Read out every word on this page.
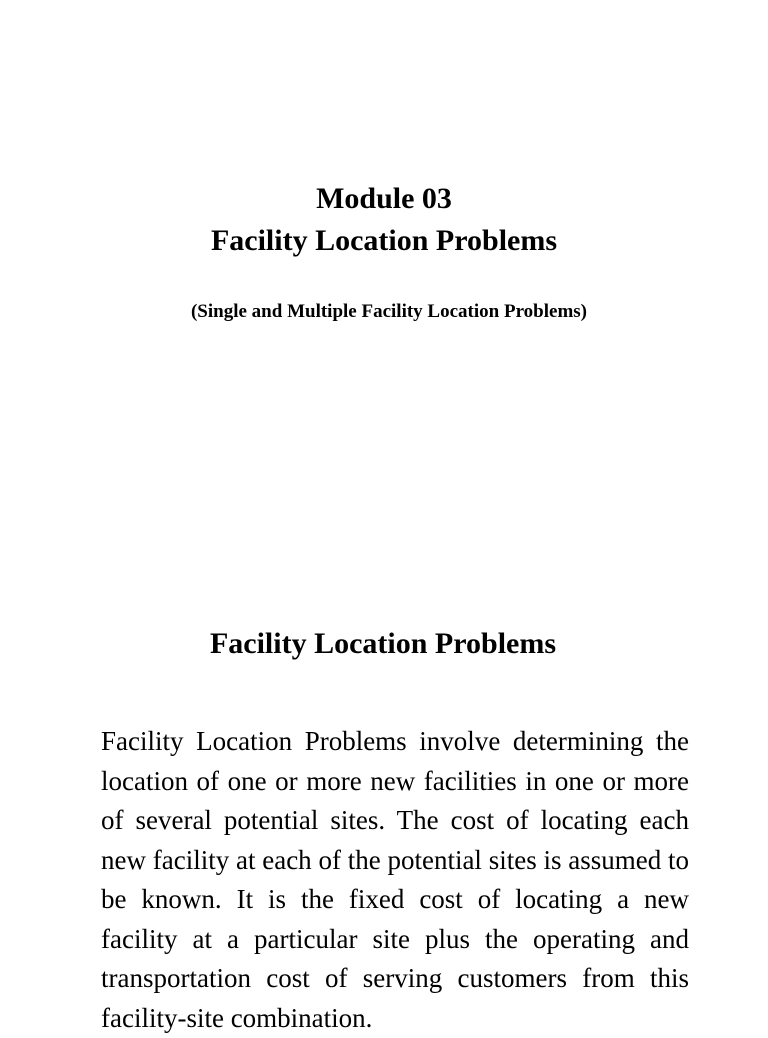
Module 03

Facility Location Problems

(Single and Multiple Facility Location Problems)

Facility Location Problems

Facility Location Problems involve determining the location of one or more new facilities in one or more of several potential sites. The cost of locating each new facility at each of the potential sites is assumed to be known. It is the fixed cost of locating a new facility at a particular site plus the operating and transportation cost of serving customers from this facility-site combination.
